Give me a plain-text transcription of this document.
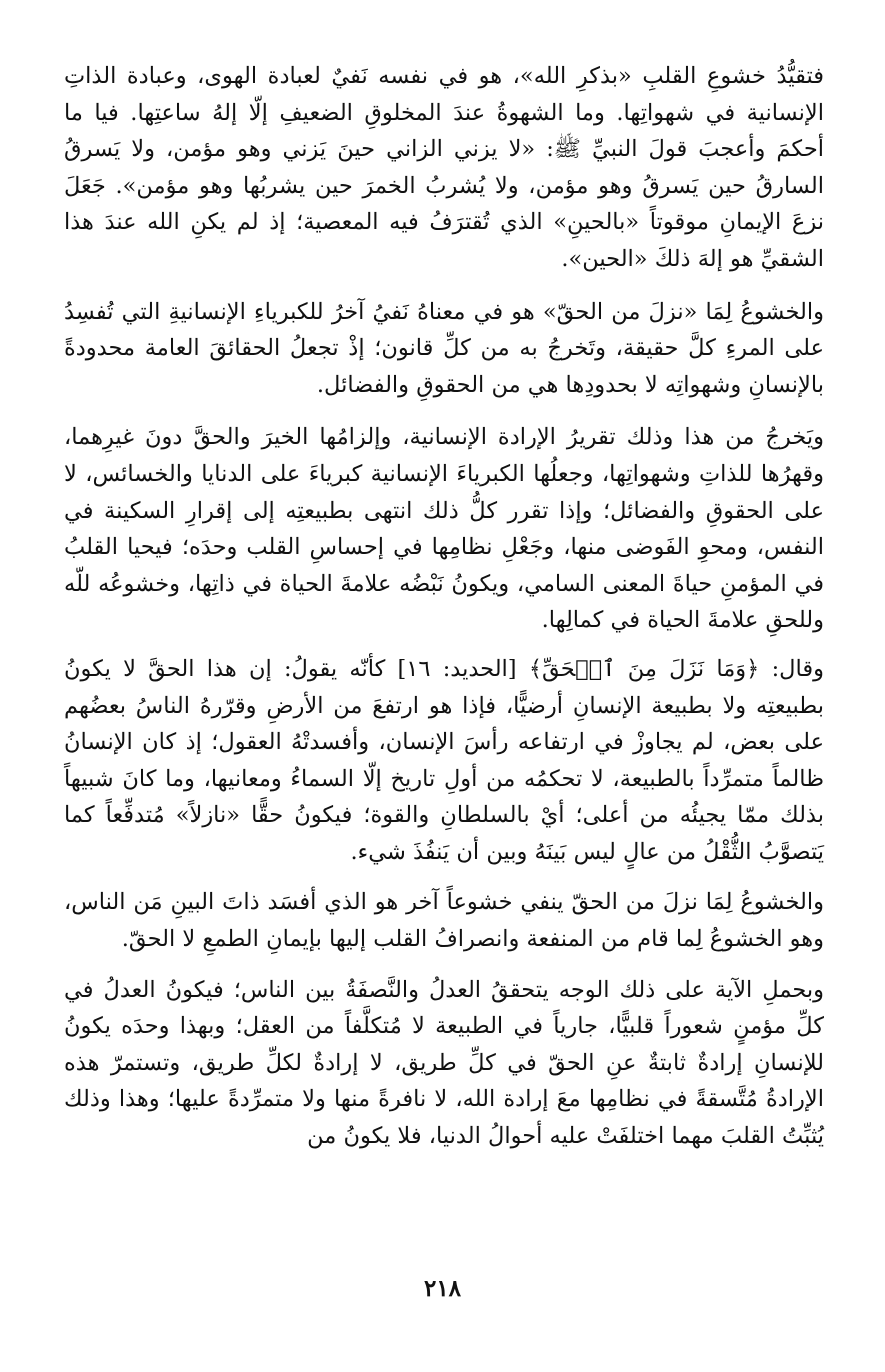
فتقيُّدُ خشوعِ القلبِ «بذكرِ الله»، هو في نفسه نَفيٌ لعبادة الهوى، وعبادة الذاتِ الإنسانية في شهواتِها. وما الشهوةُ عندَ المخلوقِ الضعيفِ إلّا إلهُ ساعتِها. فيا ما أحكمَ وأعجبَ قولَ النبيِّ ﷺ: «لا يزني الزاني حينَ يَزني وهو مؤمن، ولا يَسرقُ السارقُ حين يَسرقُ وهو مؤمن، ولا يُشربُ الخمرَ حين يشربُها وهو مؤمن». جَعَلَ نزعَ الإيمانِ موقوتاً «بالحينِ» الذي تُقترَفُ فيه المعصية؛ إذ لم يكنِ الله عندَ هذا الشقيِّ هو إلهَ ذلكَ «الحين».

والخشوعُ لِمَا «نزلَ من الحقّ» هو في معناهُ نَفيُ آخرُ للكبرياءِ الإنسانيةِ التي تُفسِدُ على المرءِ كلَّ حقيقة، وتَخرجُ به من كلِّ قانون؛ إذْ تجعلُ الحقائقَ العامة محدودةً بالإنسانِ وشهواتِه لا بحدودِها هي من الحقوقِ والفضائل.

ويَخرجُ من هذا وذلك تقريرُ الإرادة الإنسانية، وإلزامُها الخيرَ والحقَّ دونَ غيرِهما، وقهرُها للذاتِ وشهواتِها، وجعلُها الكبرياءَ الإنسانية كبرياءَ على الدنايا والخسائس، لا على الحقوقِ والفضائل؛ وإذا تقرر كلُّ ذلك انتهى بطبيعتِه إلى إقرارِ السكينة في النفس، ومحوِ الفَوضى منها، وجَعْلِ نظامِها في إحساسِ القلب وحدَه؛ فيحيا القلبُ في المؤمنِ حياةَ المعنى السامي، ويكونُ نَبْضُه علامةَ الحياة في ذاتِها، وخشوعُه للّه وللحقِ علامةَ الحياة في كمالِها.

وقال: ﴿وَمَا نَزَلَ مِنَ ٱلۡحَقِّ﴾ [الحديد: ١٦] كأنّه يقولُ: إن هذا الحقَّ لا يكونُ بطبيعتِه ولا بطبيعة الإنسانِ أرضيًّا، فإذا هو ارتفعَ من الأرضِ وقرّرهُ الناسُ بعضُهم على بعض، لم يجاوزْ في ارتفاعه رأسَ الإنسان، وأفسدتْهُ العقول؛ إذ كان الإنسانُ ظالماً متمرِّداً بالطبيعة، لا تحكمُه من أولِ تاريخ إلّا السماءُ ومعانيها، وما كانَ شبيهاً بذلك ممّا يجيئُه من أعلى؛ أيْ بالسلطانِ والقوة؛ فيكونُ حقًّا «نازلاً» مُتدفِّعاً كما يَتصوَّبُ الثُّقْلُ من عالٍ ليس بَينَهُ وبين أن يَنفُذَ شيء.

والخشوعُ لِمَا نزلَ من الحقّ ينفي خشوعاً آخر هو الذي أفسَد ذاتَ البينِ مَن الناس، وهو الخشوعُ لِما قام من المنفعة وانصرافُ القلب إليها بإيمانِ الطمعِ لا الحقّ.

وبحملِ الآية على ذلك الوجه يتحققُ العدلُ والنَّصفَةُ بين الناس؛ فيكونُ العدلُ في كلِّ مؤمنٍ شعوراً قلبيًّا، جارياً في الطبيعة لا مُتكلَّفاً من العقل؛ وبهذا وحدَه يكونُ للإنسانِ إرادةٌ ثابتةٌ عنِ الحقّ في كلِّ طريق، لا إرادةٌ لكلِّ طريق، وتستمرّ هذه الإرادةُ مُتَّسقةً في نظامِها معَ إرادة الله، لا نافرةً منها ولا متمرِّدةً عليها؛ وهذا وذلك يُثبِّتُ القلبَ مهما اختلفَتْ عليه أحوالُ الدنيا، فلا يكونُ من

٢١٨
